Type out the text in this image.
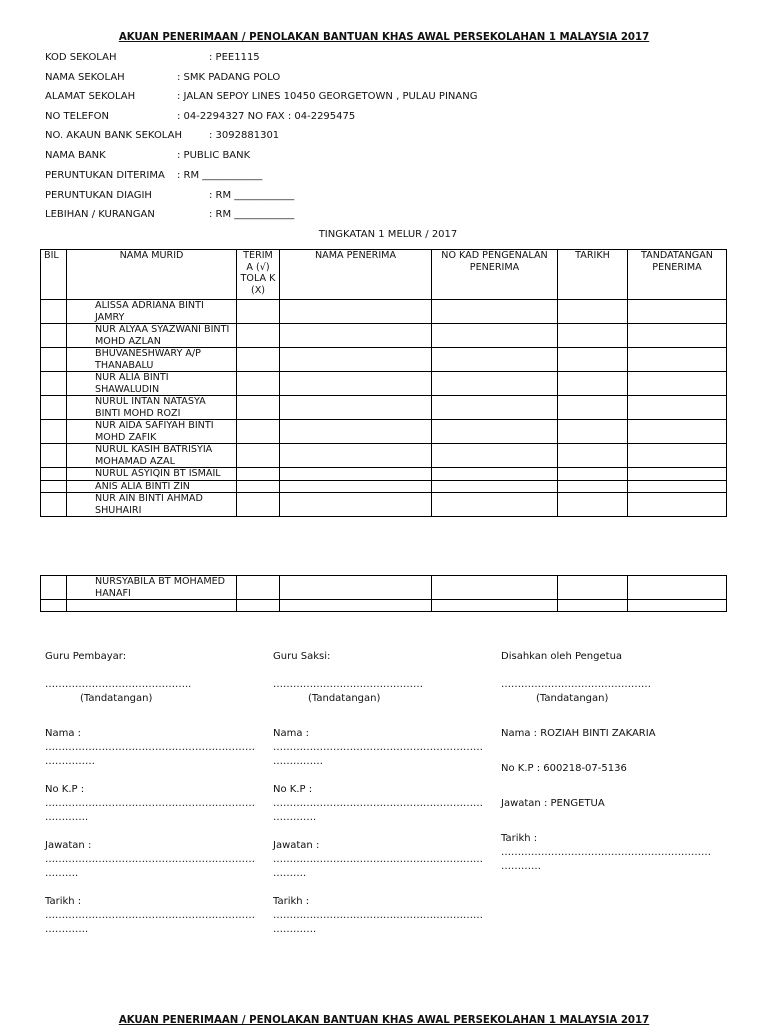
AKUAN PENERIMAAN / PENOLAKAN BANTUAN KHAS AWAL PERSEKOLAHAN 1 MALAYSIA 2017
KOD SEKOLAH	: PEE1115
NAMA SEKOLAH	: SMK PADANG POLO
ALAMAT SEKOLAH	: JALAN SEPOY LINES 10450 GEORGETOWN , PULAU PINANG
NO TELEFON	: 04-2294327 NO FAX : 04-2295475
NO. AKAUN BANK SEKOLAH	: 3092881301
NAMA BANK	: PUBLIC BANK
PERUNTUKAN DITERIMA : RM ____________
PERUNTUKAN DIAGIH	: RM ____________
LEBIHAN / KURANGAN	: RM ____________
TINGKATAN 1 MELUR / 2017
BIL	NAMA MURID	TERIM A (√) TOLA K (X)	NAMA PENERIMA	NO KAD PENGENALAN PENERIMA	TARIKH	TANDATANGAN PENERIMA
	ALISSA ADRIANA BINTI JAMRY					
	NUR ALYAA SYAZWANI BINTI MOHD AZLAN					
	BHUVANESHWARY A/P THANABALU					
	NUR ALIA BINTI SHAWALUDIN					
	NURUL INTAN NATASYA BINTI MOHD ROZI					
	NUR AIDA SAFIYAH BINTI MOHD ZAFIK					
	NURUL KASIH BATRISYIA MOHAMAD AZAL					
	NURUL ASYIQIN BT ISMAIL					
	ANIS ALIA BINTI ZIN					
	NUR AIN BINTI AHMAD SHUHAIRI					
	NURSYABILA BT MOHAMED HANAFI					

Guru Pembayar:
……………………………………..
(Tandatangan)
Nama :
………………………………………………………
……………
No K.P :
………………………………………………………
………….
Jawatan :
………………………………………………………
……….
Tarikh :
………………………………………………………
………….
Guru Saksi:
………………………………………
(Tandatangan)
Nama :
………………………………………………………
……………
No K.P :
………………………………………………………
………….
Jawatan :
………………………………………………………
……….
Tarikh :
………………………………………………………
………….
Disahkan oleh Pengetua
………………………………………
(Tandatangan)
Nama : ROZIAH BINTI ZAKARIA
No K.P : 600218-07-5136
Jawatan : PENGETUA
Tarikh :
………………………………………………………
…………
AKUAN PENERIMAAN / PENOLAKAN BANTUAN KHAS AWAL PERSEKOLAHAN 1 MALAYSIA 2017
